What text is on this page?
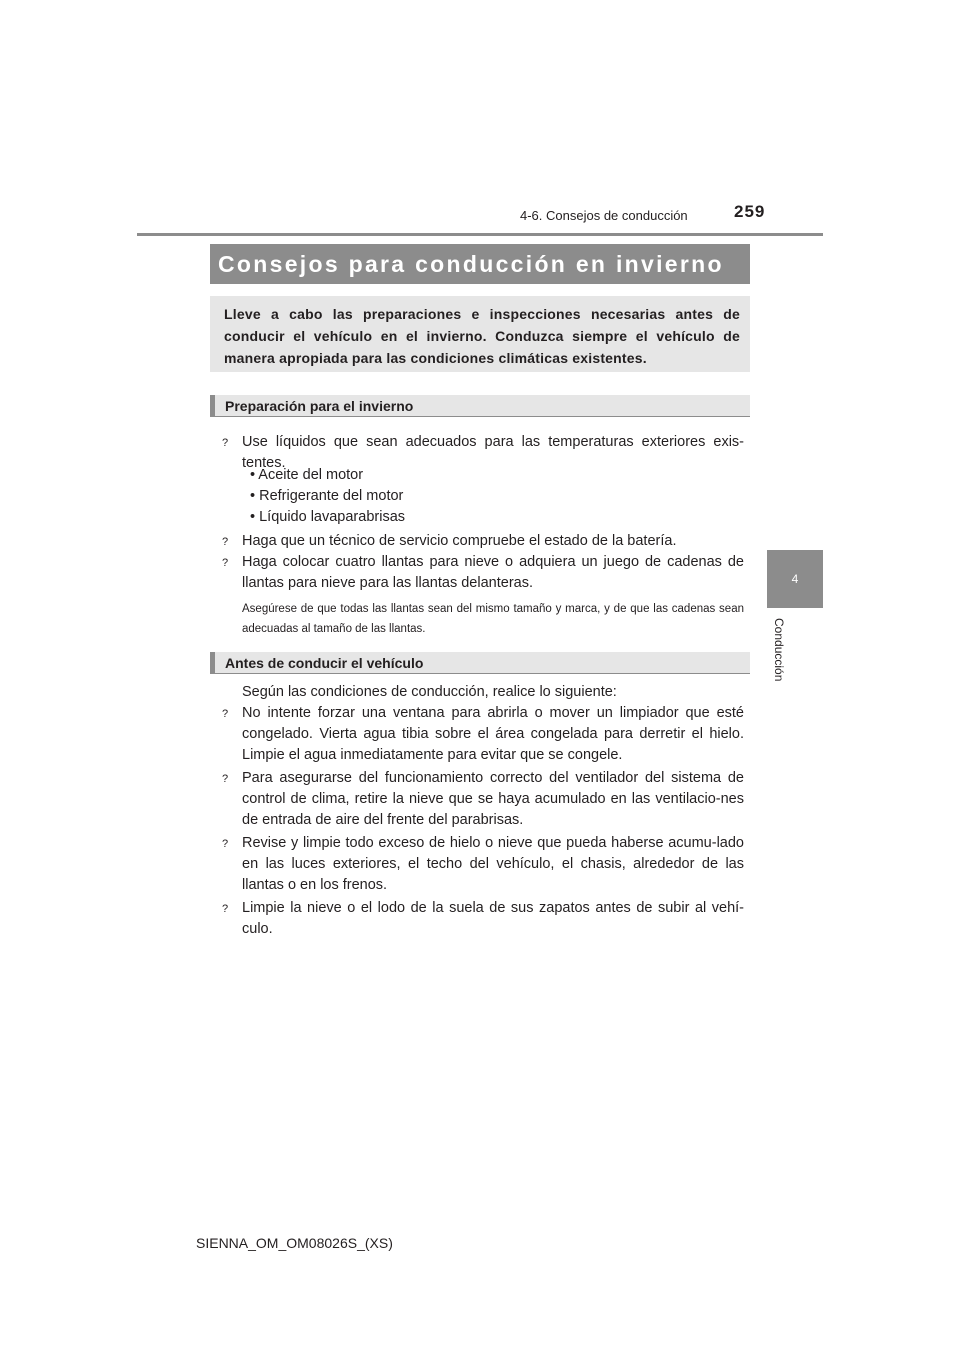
4-6. Consejos de conducción	259
4
Conducción
Consejos para conducción en invierno
Lleve a cabo las preparaciones e inspecciones necesarias antes de conducir el vehículo en el invierno. Conduzca siempre el vehículo de manera apropiada para las condiciones climáticas existentes.
Preparación para el invierno
? Use líquidos que sean adecuados para las temperaturas exteriores exis-tentes.
• Aceite del motor
• Refrigerante del motor
• Líquido lavaparabrisas
? Haga que un técnico de servicio compruebe el estado de la batería.
? Haga colocar cuatro llantas para nieve o adquiera un juego de cadenas de llantas para nieve para las llantas delanteras.
Asegúrese de que todas las llantas sean del mismo tamaño y marca, y de que las cadenas sean adecuadas al tamaño de las llantas.
Antes de conducir el vehículo
Según las condiciones de conducción, realice lo siguiente:
? No intente forzar una ventana para abrirla o mover un limpiador que esté congelado. Vierta agua tibia sobre el área congelada para derretir el hielo. Limpie el agua inmediatamente para evitar que se congele.
? Para asegurarse del funcionamiento correcto del ventilador del sistema de control de clima, retire la nieve que se haya acumulado en las ventilacio-nes de entrada de aire del frente del parabrisas.
? Revise y limpie todo exceso de hielo o nieve que pueda haberse acumu-lado en las luces exteriores, el techo del vehículo, el chasis, alrededor de las llantas o en los frenos.
? Limpie la nieve o el lodo de la suela de sus zapatos antes de subir al vehí-culo.
SIENNA_OM_OM08026S_(XS)
